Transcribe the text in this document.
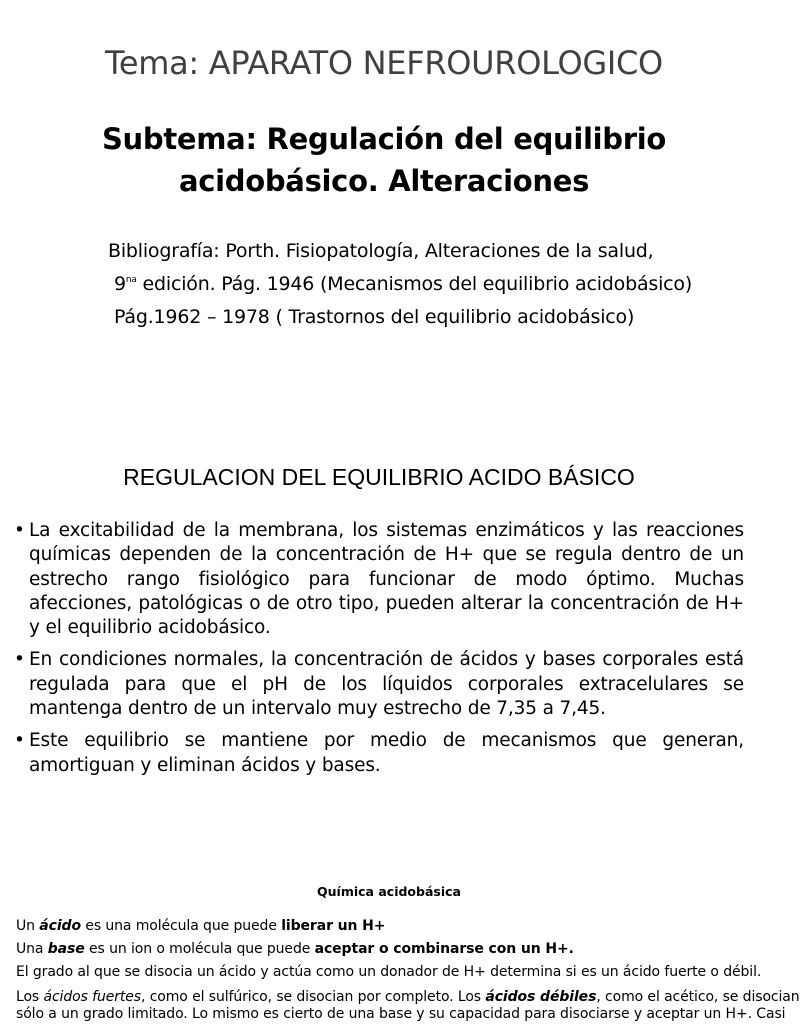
Tema: APARATO NEFROUROLOGICO
Subtema: Regulación del equilibrio
acidobásico. Alteraciones
Bibliografía: Porth. Fisiopatología, Alteraciones de la salud,
$9^{na}$ edición. Pág. 1946 (Mecanismos del equilibrio acidobásico)
Pág.1962 – 1978 ( Trastornos del equilibrio acidobásico)
REGULACION DEL EQUILIBRIO ACIDO BÁSICO
• La excitabilidad de la membrana, los sistemas enzimáticos y las reacciones químicas dependen de la concentración de H+ que se regula dentro de un estrecho rango fisiológico para funcionar de modo óptimo. Muchas afecciones, patológicas o de otro tipo, pueden alterar la concentración de H+ y el equilibrio acidobásico.
• En condiciones normales, la concentración de ácidos y bases corporales está regulada para que el pH de los líquidos corporales extracelulares se mantenga dentro de un intervalo muy estrecho de 7,35 a 7,45.
• Este equilibrio se mantiene por medio de mecanismos que generan, amortiguan y eliminan ácidos y bases.
Química acidobásica
Un ácido es una molécula que puede liberar un H+
Una base es un ion o molécula que puede aceptar o combinarse con un H+.
El grado al que se disocia un ácido y actúa como un donador de H+ determina si es un ácido fuerte o débil.
Los ácidos fuertes, como el sulfúrico, se disocian por completo. Los ácidos débiles, como el acético, se disocian
sólo a un grado limitado. Lo mismo es cierto de una base y su capacidad para disociarse y aceptar un H+. Casi
